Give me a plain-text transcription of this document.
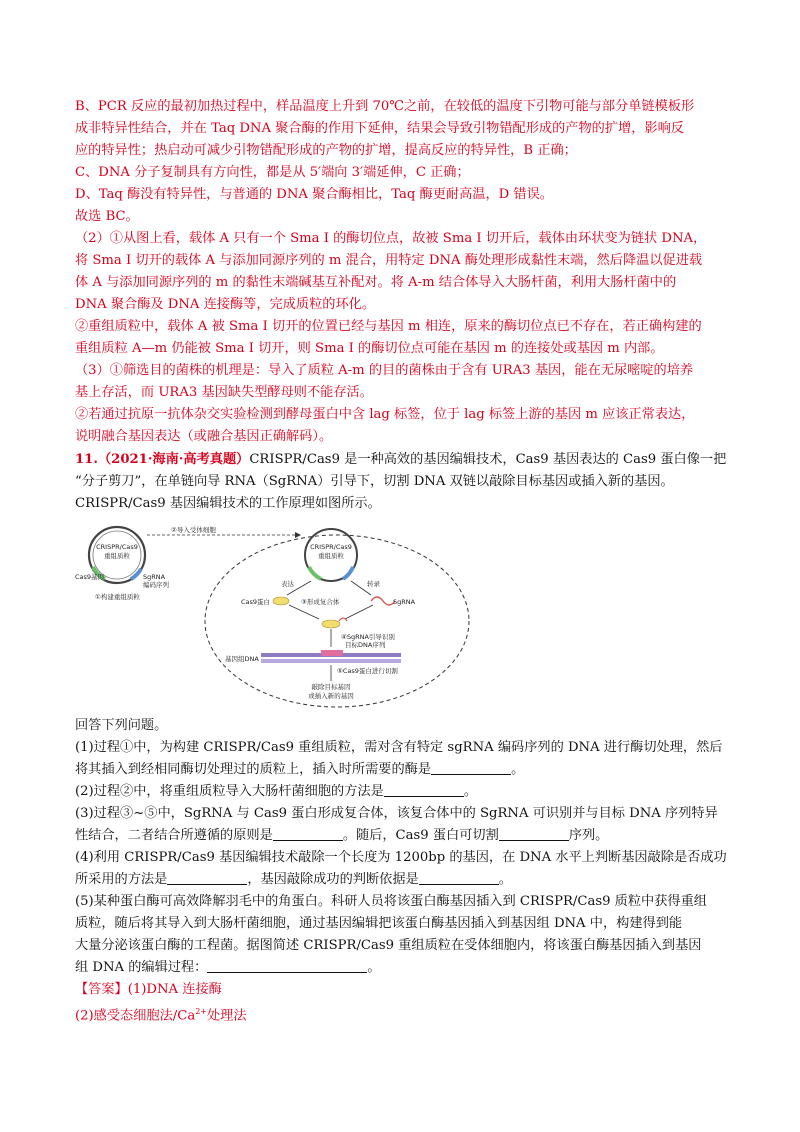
B、PCR 反应的最初加热过程中，样品温度上升到 70℃之前，在较低的温度下引物可能与部分单链模板形

成非特异性结合，并在 Taq DNA 聚合酶的作用下延伸，结果会导致引物错配形成的产物的扩增，影响反

应的特异性；热启动可减少引物错配形成的产物的扩增，提高反应的特异性，B 正确；

C、DNA 分子复制具有方向性，都是从 5′端向 3′端延伸，C 正确；

D、Taq 酶没有特异性，与普通的 DNA 聚合酶相比，Taq 酶更耐高温，D 错误。

故选 BC。

（2）①从图上看，载体 A 只有一个 Sma I 的酶切位点，故被 Sma I 切开后，载体由环状变为链状 DNA，

将 Sma I 切开的载体 A 与添加同源序列的 m 混合，用特定 DNA 酶处理形成黏性末端，然后降温以促进载

体 A 与添加同源序列的 m 的黏性末端碱基互补配对。将 A-m 结合体导入大肠杆菌，利用大肠杆菌中的

DNA 聚合酶及 DNA 连接酶等，完成质粒的环化。

②重组质粒中，载体 A 被 Sma I 切开的位置已经与基因 m 相连，原来的酶切位点已不存在，若正确构建的

重组质粒 A—m 仍能被 Sma I 切开，则 Sma I 的酶切位点可能在基因 m 的连接处或基因 m 内部。

（3）①筛选目的菌株的机理是：导入了质粒 A-m 的目的菌株由于含有 URA3 基因，能在无尿嘧啶的培养

基上存活，而 URA3 基因缺失型酵母则不能存活。

②若通过抗原一抗体杂交实验检测到酵母蛋白中含 lag 标签，位于 lag 标签上游的基因 m 应该正常表达，

说明融合基因表达（或融合基因正确解码）。

11.（2021·海南·高考真题）CRISPR/Cas9 是一种高效的基因编辑技术，Cas9 基因表达的 Cas9 蛋白像一把

“分子剪刀”，在单链向导 RNA（SgRNA）引导下，切割 DNA 双链以敲除目标基因或插入新的基因。

CRISPR/Cas9 基因编辑技术的工作原理如图所示。

CRISPR/Cas9
重组质粒
Cas9基因	SgRNA
编码序列
①构建重组质粒
②导入受体细胞
CRISPR/Cas9
重组质粒
表达	转录
Cas9蛋白	SgRNA
③形成复合体
④SgRNA引导识别
目标DNA序列
基因组DNA
⑤Cas9蛋白进行切割
敲除目标基因
或插入新的基因

回答下列问题。

(1)过程①中，为构建 CRISPR/Cas9 重组质粒，需对含有特定 sgRNA 编码序列的 DNA 进行酶切处理，然后

将其插入到经相同酶切处理过的质粒上，插入时所需要的酶是	。

(2)过程②中，将重组质粒导入大肠杆菌细胞的方法是	。

(3)过程③~⑤中，SgRNA 与 Cas9 蛋白形成复合体，该复合体中的 SgRNA 可识别并与目标 DNA 序列特异

性结合，二者结合所遵循的原则是	。随后，Cas9 蛋白可切割	序列。

(4)利用 CRISPR/Cas9 基因编辑技术敲除一个长度为 1200bp 的基因，在 DNA 水平上判断基因敲除是否成功

所采用的方法是	，基因敲除成功的判断依据是	。

(5)某种蛋白酶可高效降解羽毛中的角蛋白。科研人员将该蛋白酶基因插入到 CRISPR/Cas9 质粒中获得重组

质粒，随后将其导入到大肠杆菌细胞，通过基因编辑把该蛋白酶基因插入到基因组 DNA 中，构建得到能

大量分泌该蛋白酶的工程菌。据图简述 CRISPR/Cas9 重组质粒在受体细胞内，将该蛋白酶基因插入到基因

组 DNA 的编辑过程：	。

【答案】(1)DNA 连接酶

(2)感受态细胞法$/Ca^{2+}$处理法
